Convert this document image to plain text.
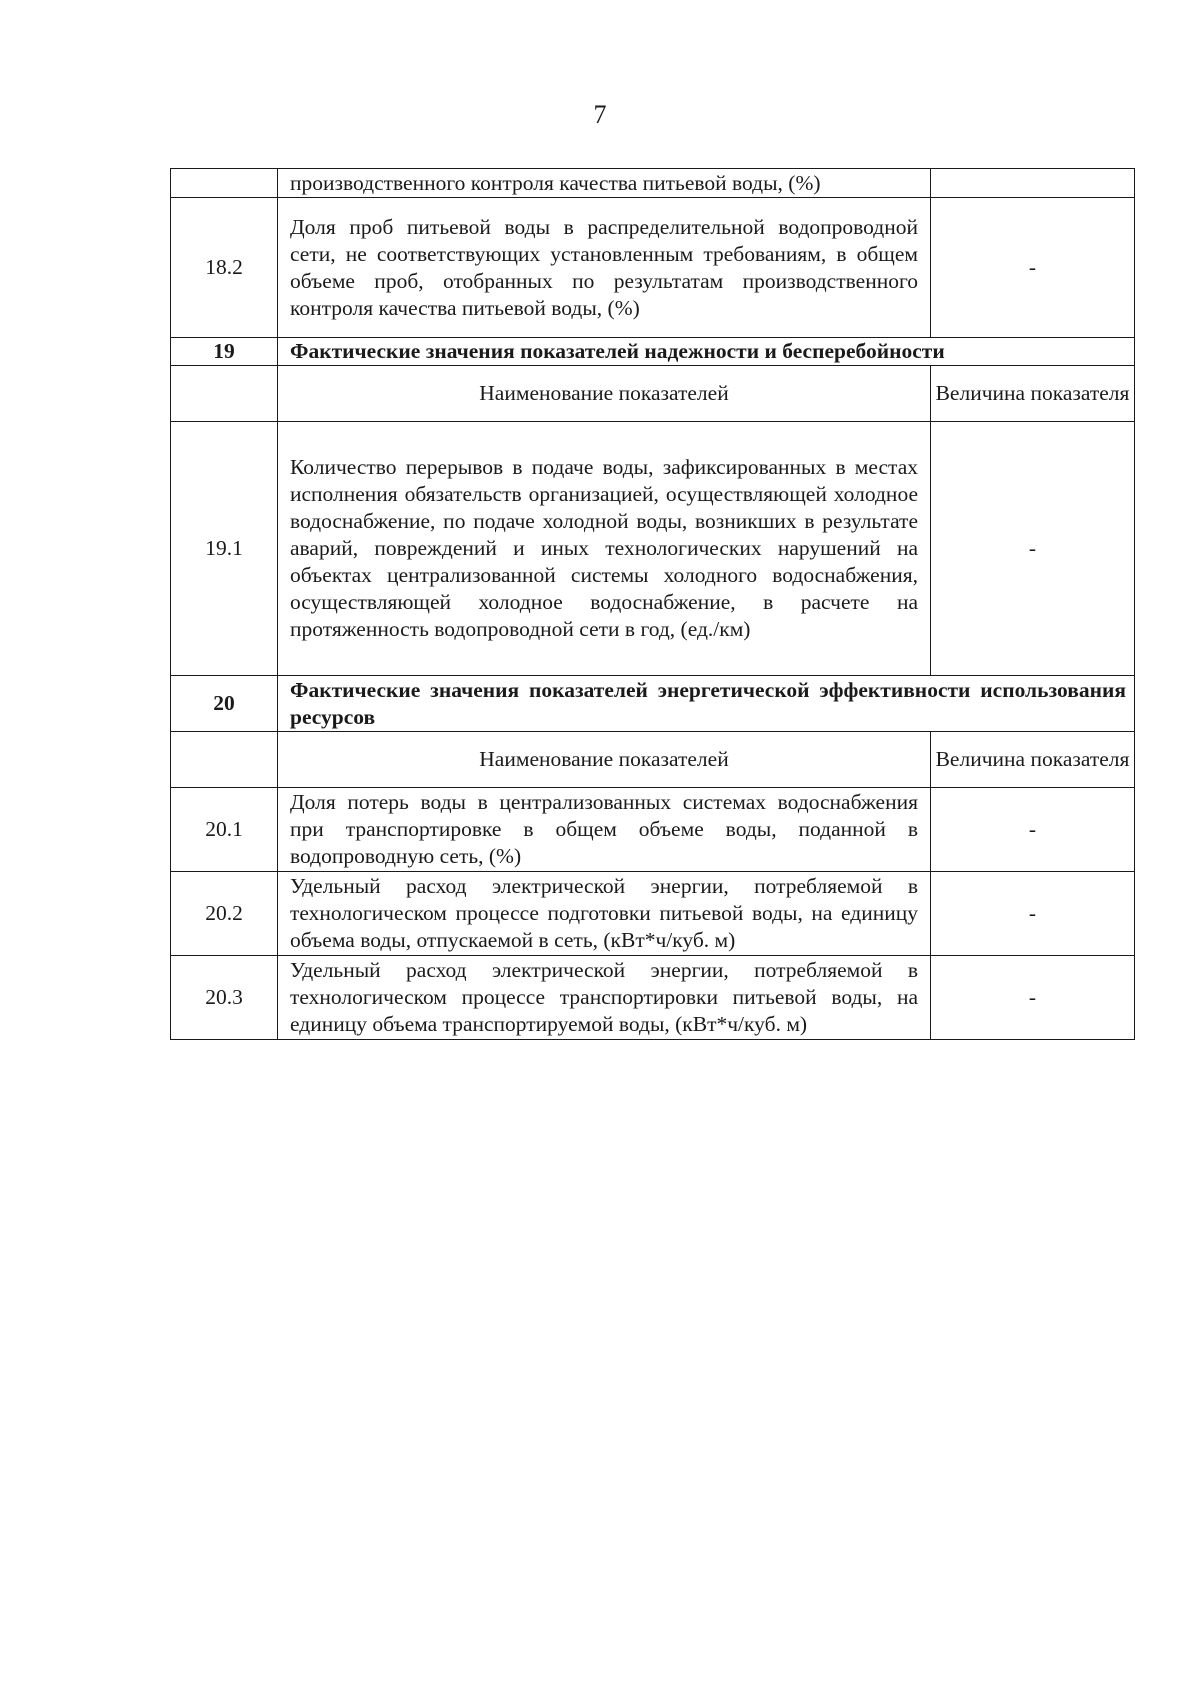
7
	производственного контроля качества питьевой воды, (%)	
18.2	Доля проб питьевой воды в распределительной водопроводной сети, не соответствующих установленным требованиям, в общем объеме проб, отобранных по результатам производственного контроля качества питьевой воды, (%)	-
19	Фактические значения показателей надежности и бесперебойности	
	Наименование показателей	Величина показателя
19.1	Количество перерывов в подаче воды, зафиксированных в местах исполнения обязательств организацией, осуществляющей холодное водоснабжение, по подаче холодной воды, возникших в результате аварий, повреждений и иных технологических нарушений на объектах централизованной системы холодного водоснабжения, осуществляющей холодное водоснабжение, в расчете на протяженность водопроводной сети в год, (ед./км)	-
20	Фактические значения показателей энергетической эффективности использования ресурсов	
	Наименование показателей	Величина показателя
20.1	Доля потерь воды в централизованных системах водоснабжения при транспортировке в общем объеме воды, поданной в водопроводную сеть, (%)	-
20.2	Удельный расход электрической энергии, потребляемой в технологическом процессе подготовки питьевой воды, на единицу объема воды, отпускаемой в сеть, (кВт*ч/куб. м)	-
20.3	Удельный расход электрической энергии, потребляемой в технологическом процессе транспортировки питьевой воды, на единицу объема транспортируемой воды, (кВт*ч/куб. м)	-
